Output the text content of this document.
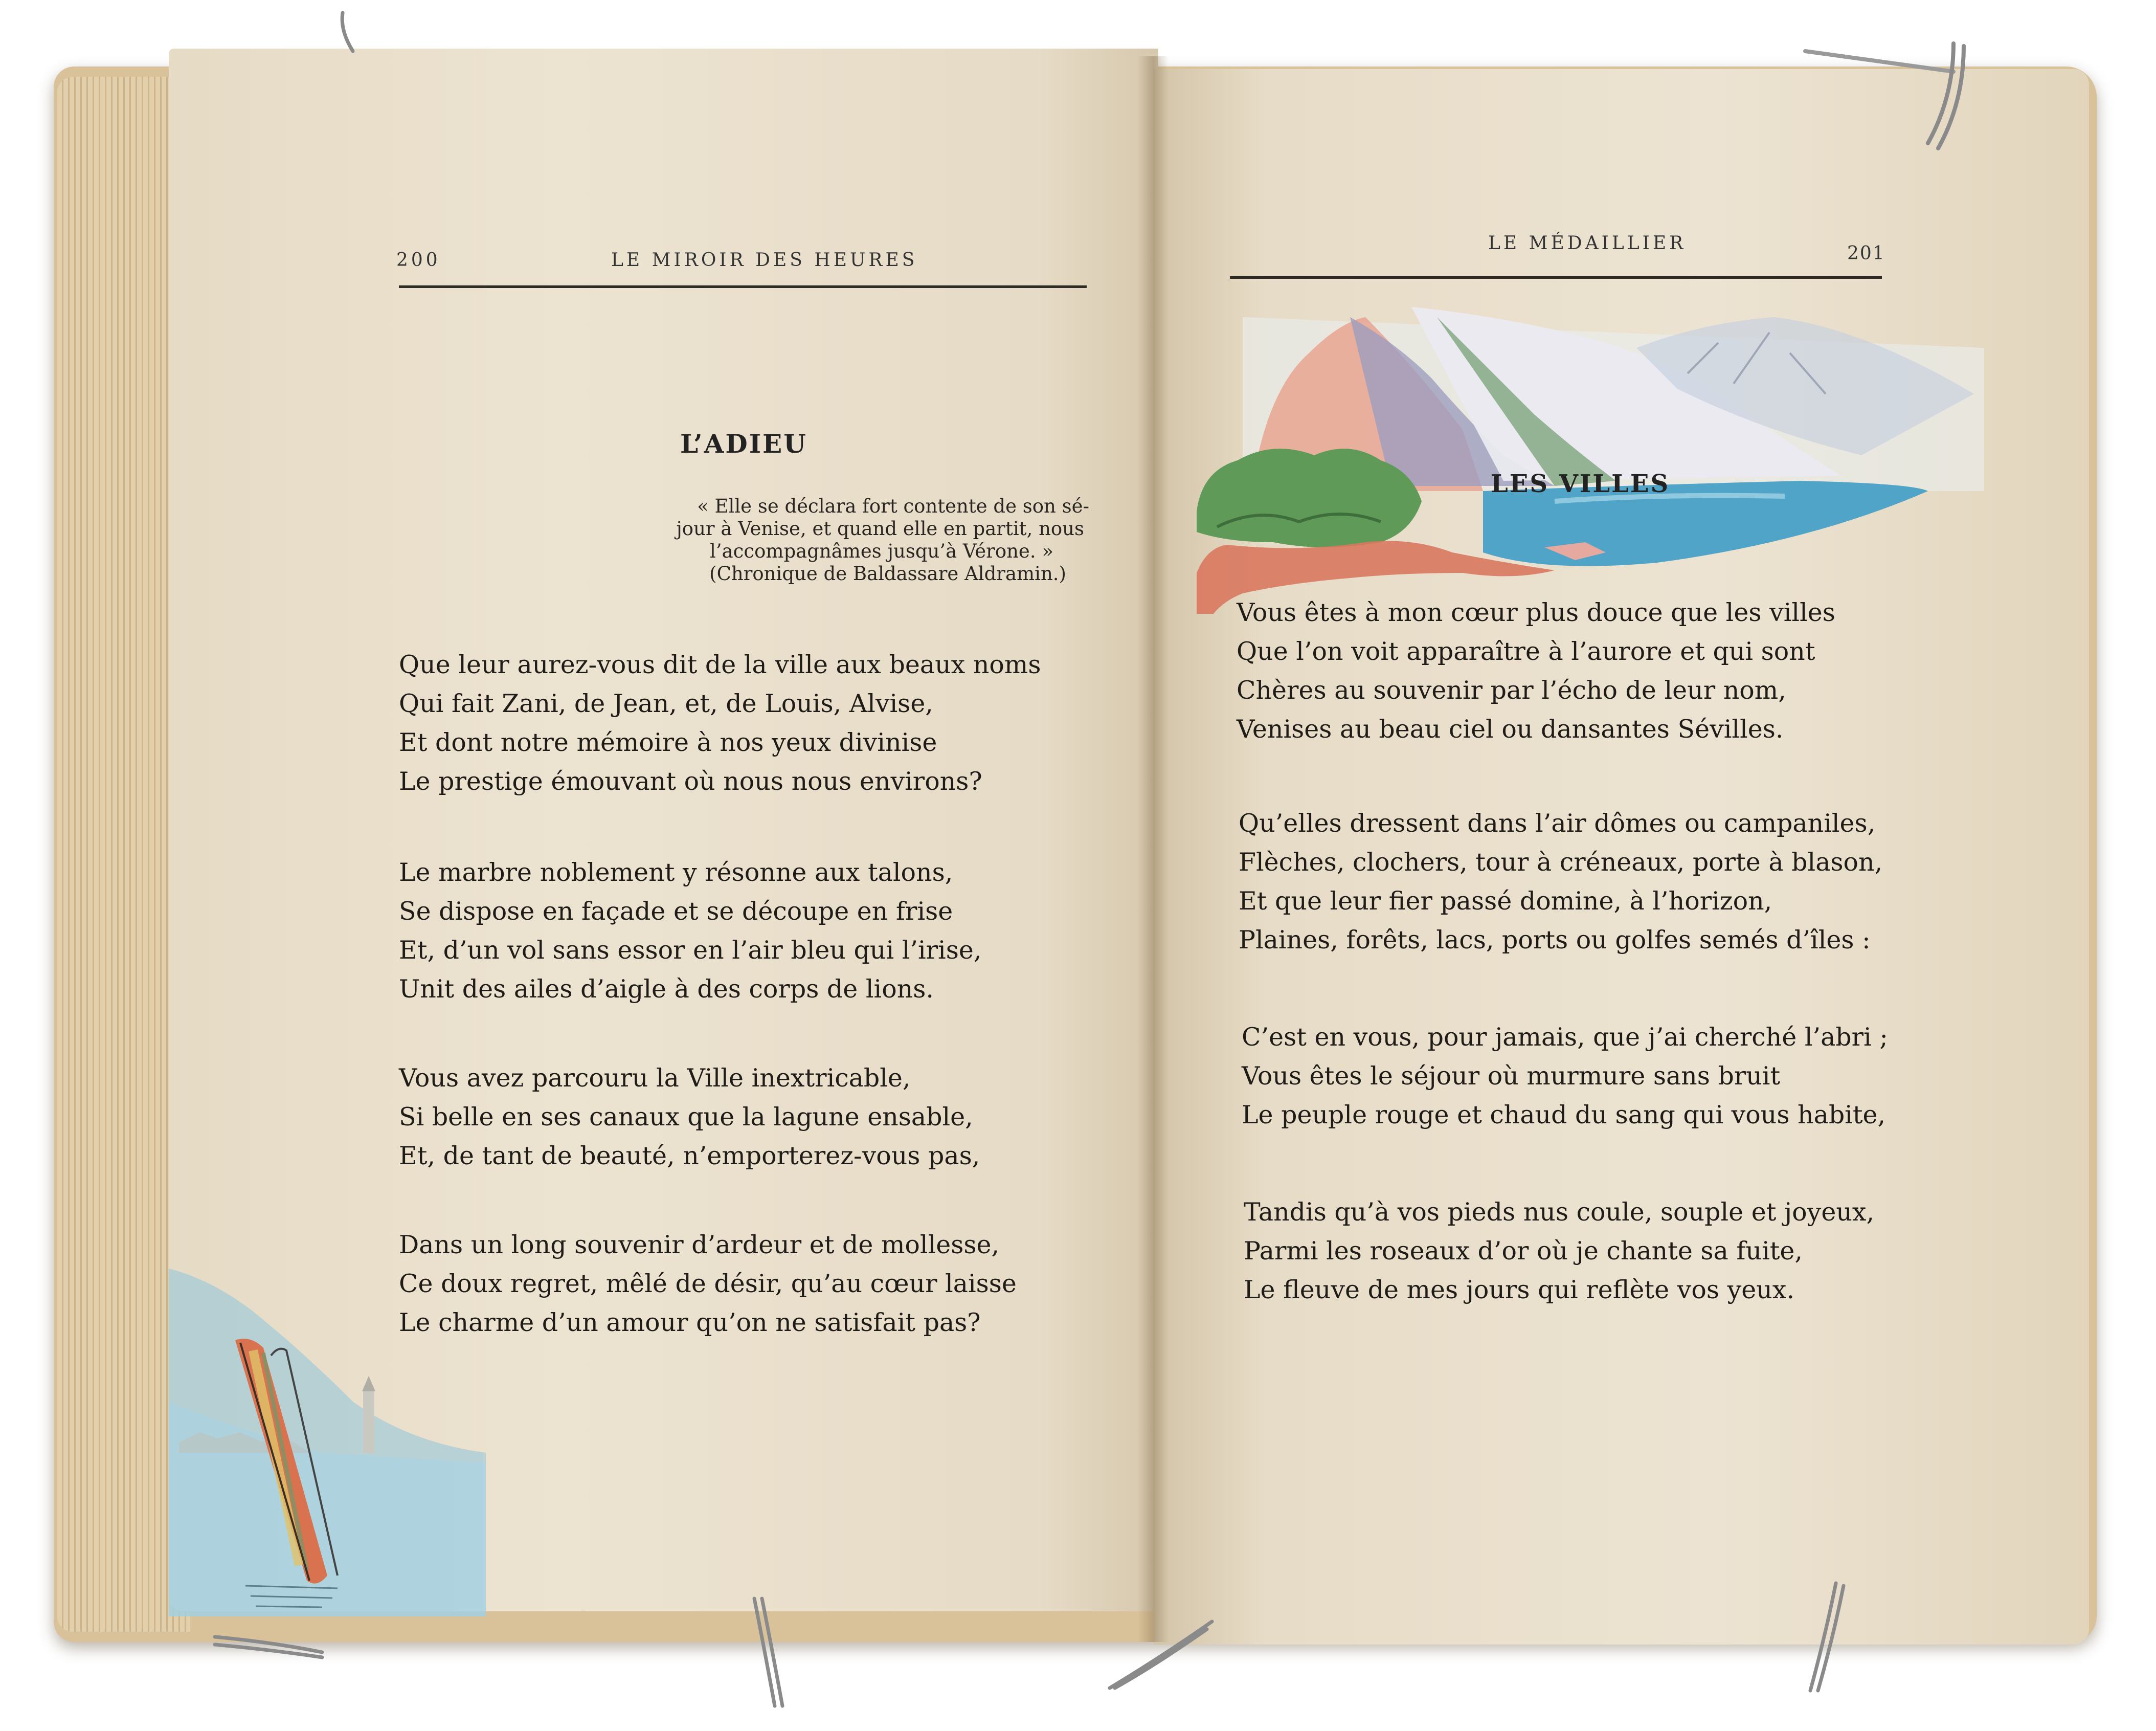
200	LE MIROIR DES HEURES
L’ADIEU
« Elle se déclara fort contente de son sé-
jour à Venise, et quand elle en partit, nous
l’accompagnâmes jusqu’à Vérone. »
(Chronique de Baldassare Aldramin.)
Que leur aurez-vous dit de la ville aux beaux noms
Qui fait Zani, de Jean, et, de Louis, Alvise,
Et dont notre mémoire à nos yeux divinise
Le prestige émouvant où nous nous environs?
Le marbre noblement y résonne aux talons,
Se dispose en façade et se découpe en frise
Et, d’un vol sans essor en l’air bleu qui l’irise,
Unit des ailes d’aigle à des corps de lions.
Vous avez parcouru la Ville inextricable,
Si belle en ses canaux que la lagune ensable,
Et, de tant de beauté, n’emporterez-vous pas,
Dans un long souvenir d’ardeur et de mollesse,
Ce doux regret, mêlé de désir, qu’au cœur laisse
Le charme d’un amour qu’on ne satisfait pas?
LE MÉDAILLIER	201
LES VILLES
Vous êtes à mon cœur plus douce que les villes
Que l’on voit apparaître à l’aurore et qui sont
Chères au souvenir par l’écho de leur nom,
Venises au beau ciel ou dansantes Sévilles.
Qu’elles dressent dans l’air dômes ou campaniles,
Flèches, clochers, tour à créneaux, porte à blason,
Et que leur fier passé domine, à l’horizon,
Plaines, forêts, lacs, ports ou golfes semés d’îles :
C’est en vous, pour jamais, que j’ai cherché l’abri ;
Vous êtes le séjour où murmure sans bruit
Le peuple rouge et chaud du sang qui vous habite,
Tandis qu’à vos pieds nus coule, souple et joyeux,
Parmi les roseaux d’or où je chante sa fuite,
Le fleuve de mes jours qui reflète vos yeux.
